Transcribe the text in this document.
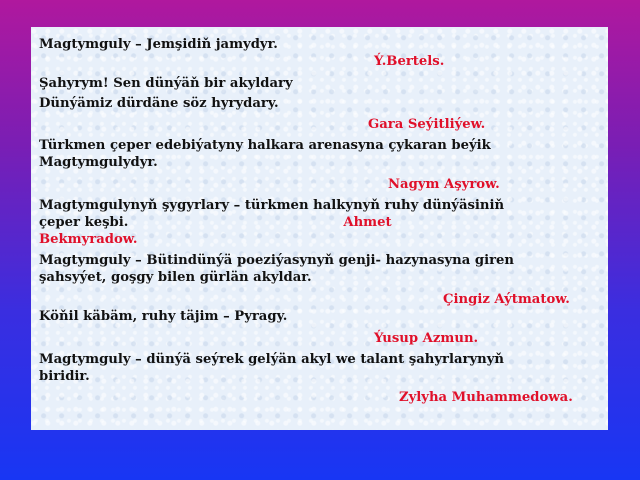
Magtymguly – Jemşidiň jamydyr.
Ý.Bertels.
Şahyrym! Sen dünýäň bir akyldary
Dünýämiz dürdäne söz hyrydary.
Gara Seýitliýew.
Türkmen çeper edebiýatyny halkara arenasyna çykaran beýik
Magtymgulydyr.
Nagym Aşyrow.
Magtymgulynyň şygyrlary – türkmen halkynyň ruhy dünýäsiniň
çeper keşbi.	Ahmet
Bekmyradow.
Magtymguly – Bütindünýä poeziýasynyň genji- hazynasyna giren
şahsyýet, goşgy bilen gürlän akyldar.
Çingiz Aýtmatow.
Köňil käbäm, ruhy täjim – Pyragy.
Ýusup Azmun.
Magtymguly – dünýä seýrek gelýän akyl we talant şahyrlarynyň
biridir.
Zylyha Muhammedowa.
